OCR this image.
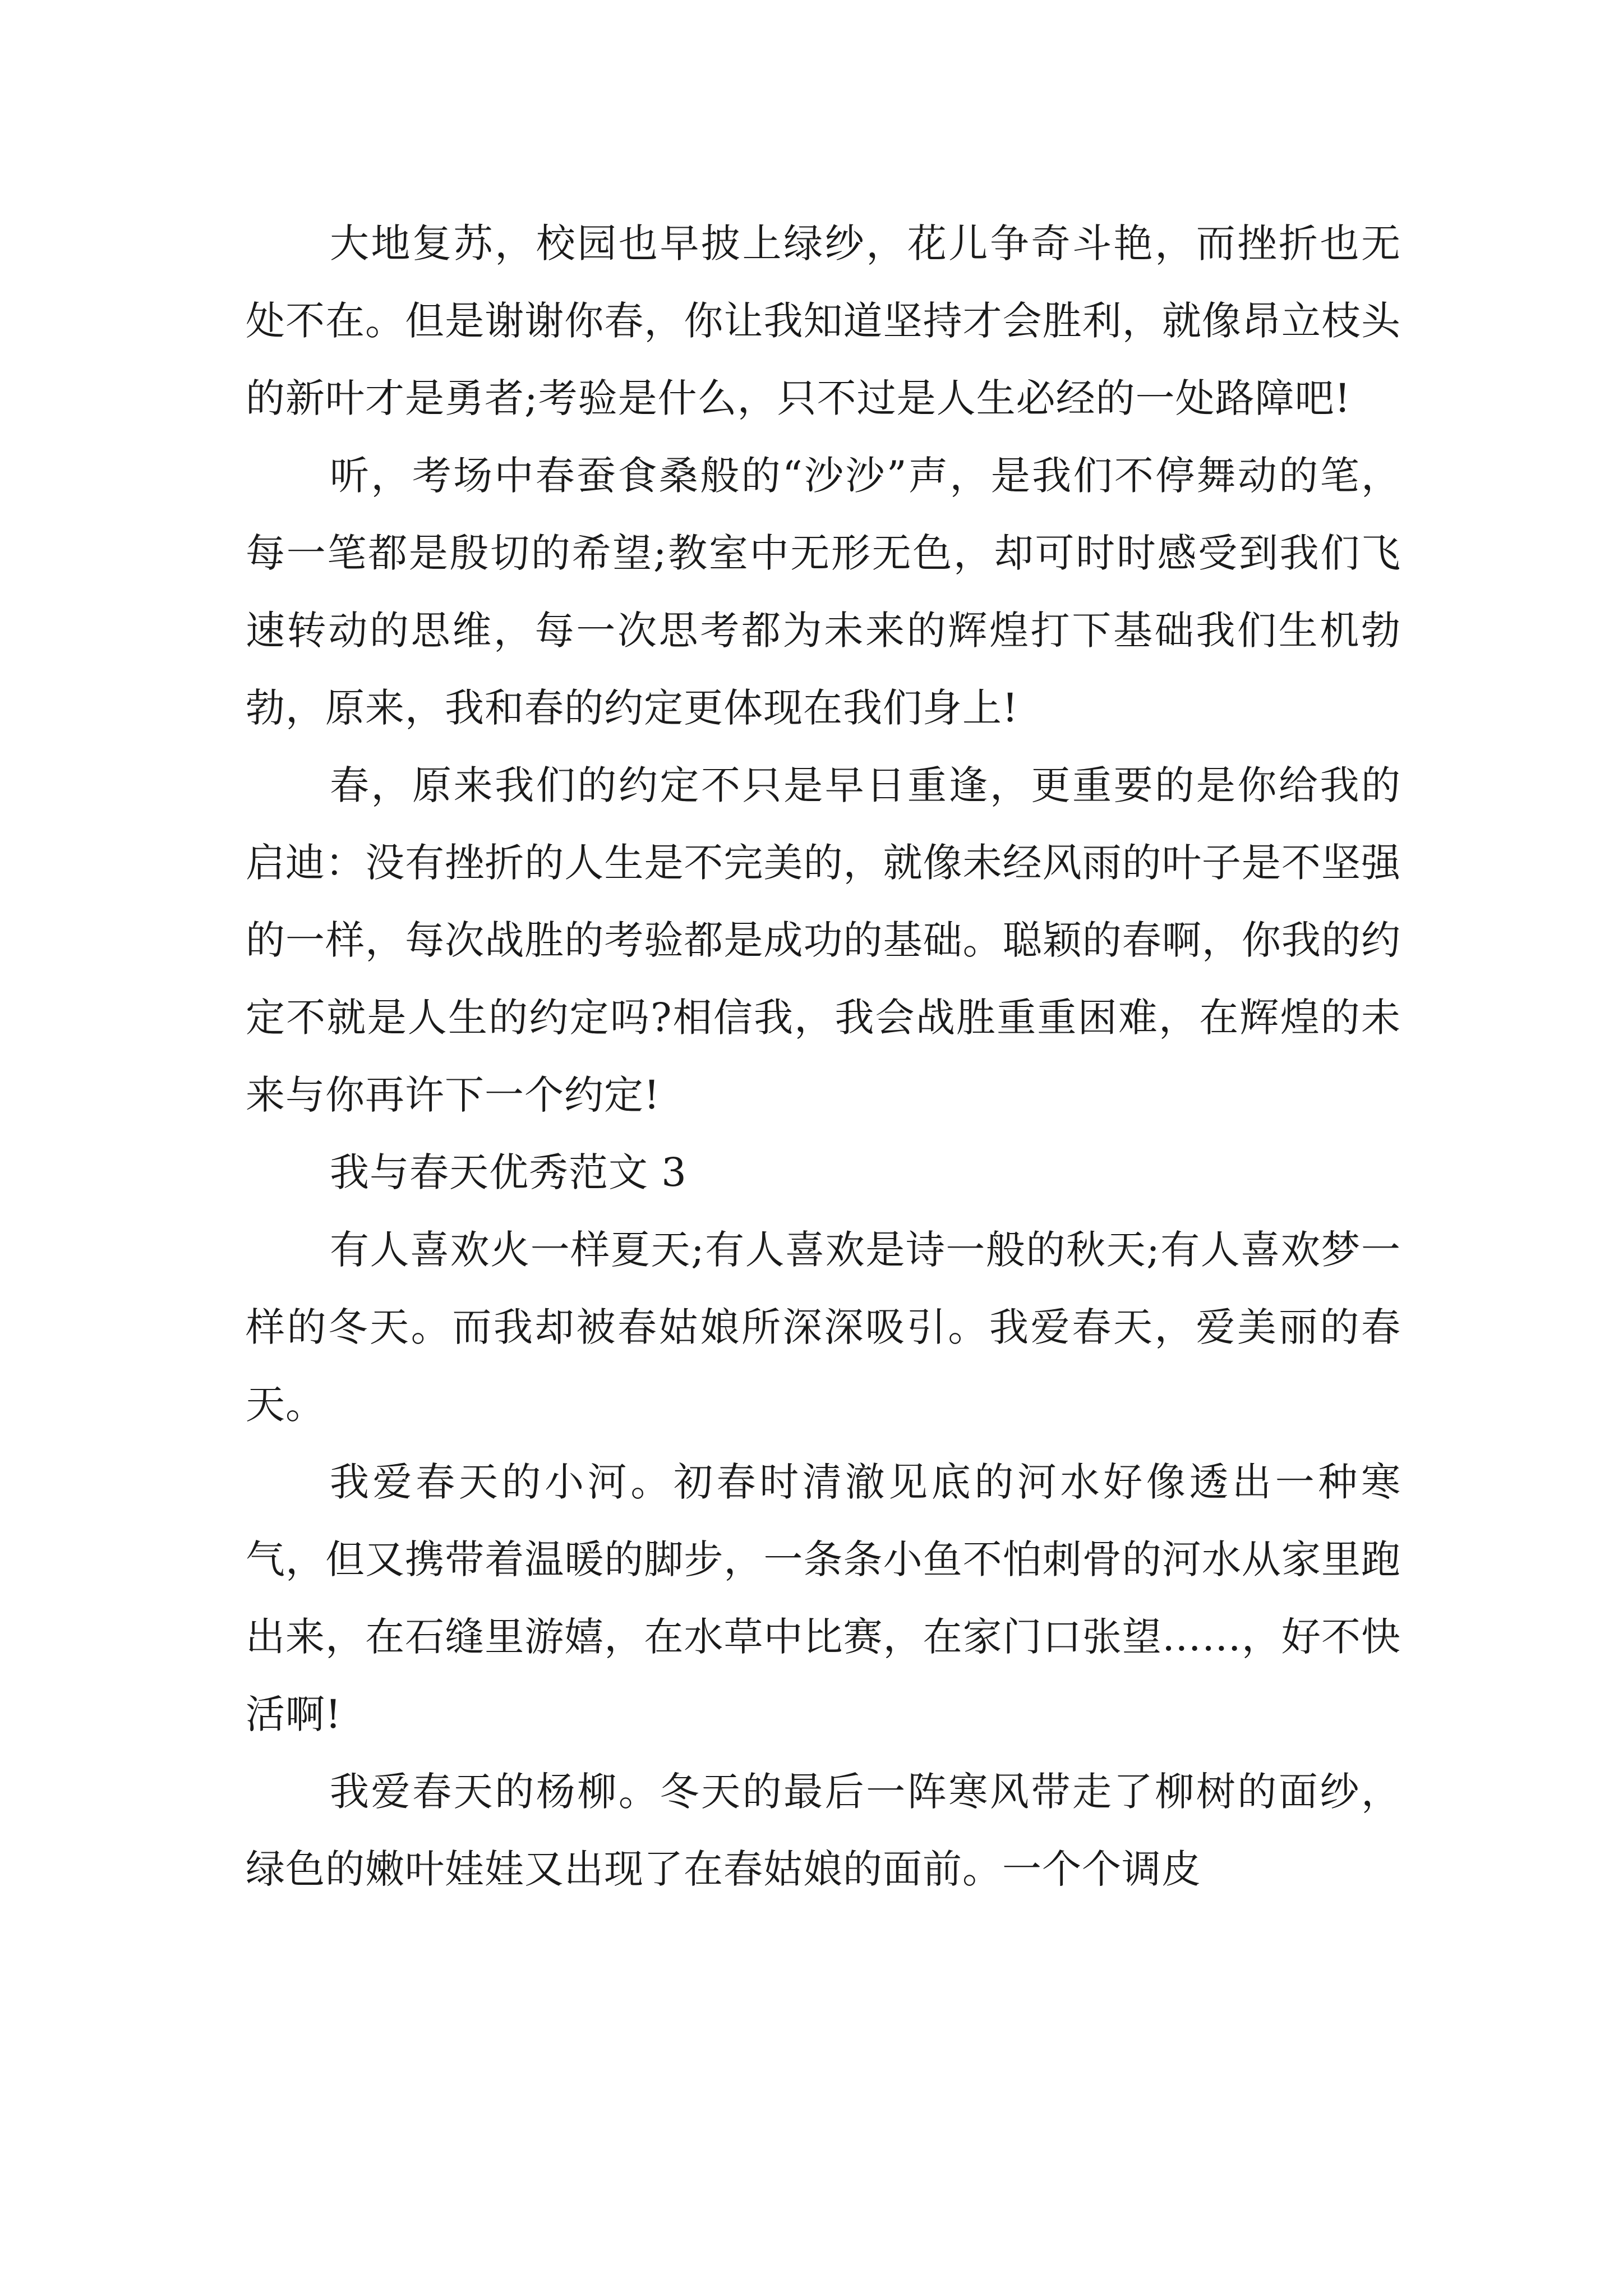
大地复苏，校园也早披上绿纱，花儿争奇斗艳，而挫折也无处不在。但是谢谢你春，你让我知道坚持才会胜利，就像昂立枝头的新叶才是勇者;考验是什么，只不过是人生必经的一处路障吧!

听，考场中春蚕食桑般的“沙沙”声，是我们不停舞动的笔，每一笔都是殷切的希望;教室中无形无色，却可时时感受到我们飞速转动的思维，每一次思考都为未来的辉煌打下基础我们生机勃勃，原来，我和春的约定更体现在我们身上!

春，原来我们的约定不只是早日重逢，更重要的是你给我的启迪：没有挫折的人生是不完美的，就像未经风雨的叶子是不坚强的一样，每次战胜的考验都是成功的基础。聪颖的春啊，你我的约定不就是人生的约定吗?相信我，我会战胜重重困难，在辉煌的未来与你再许下一个约定!

我与春天优秀范文 3

有人喜欢火一样夏天;有人喜欢是诗一般的秋天;有人喜欢梦一样的冬天。而我却被春姑娘所深深吸引。我爱春天，爱美丽的春天。

我爱春天的小河。初春时清澈见底的河水好像透出一种寒气，但又携带着温暖的脚步，一条条小鱼不怕刺骨的河水从家里跑出来，在石缝里游嬉，在水草中比赛，在家门口张望……，好不快活啊!

我爱春天的杨柳。冬天的最后一阵寒风带走了柳树的面纱，绿色的嫩叶娃娃又出现了在春姑娘的面前。一个个调皮
